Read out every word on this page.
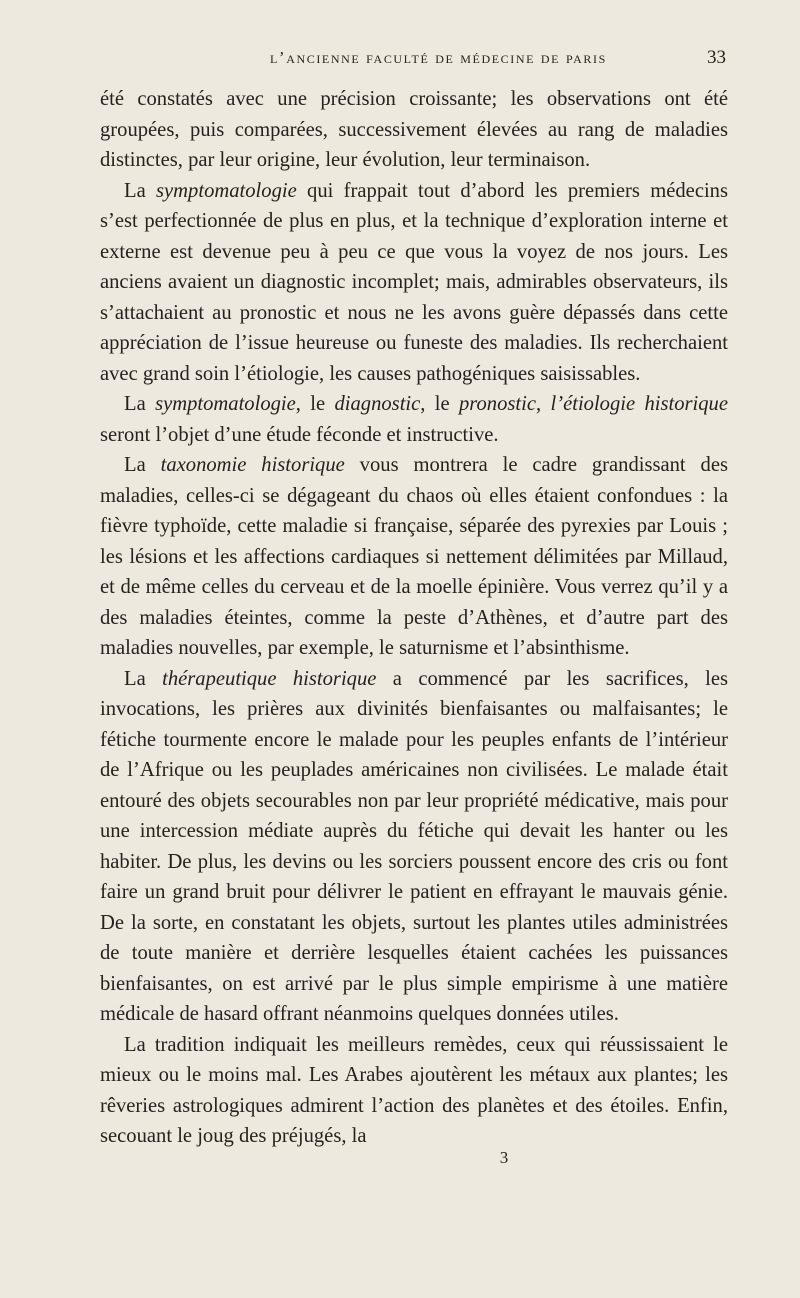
l’ancienne faculté de médecine de paris	33

été constatés avec une précision croissante; les observations ont été groupées, puis comparées, successivement élevées au rang de maladies distinctes, par leur origine, leur évolution, leur terminaison.

La symptomatologie qui frappait tout d’abord les premiers médecins s’est perfectionnée de plus en plus, et la technique d’exploration interne et externe est devenue peu à peu ce que vous la voyez de nos jours. Les anciens avaient un diagnostic incomplet; mais, admirables observateurs, ils s’attachaient au pronostic et nous ne les avons guère dépassés dans cette appréciation de l’issue heureuse ou funeste des maladies. Ils recherchaient avec grand soin l’étiologie, les causes pathogéniques saisissables.

La symptomatologie, le diagnostic, le pronostic, l’étiologie historique seront l’objet d’une étude féconde et instructive.

La taxonomie historique vous montrera le cadre grandissant des maladies, celles-ci se dégageant du chaos où elles étaient confondues : la fièvre typhoïde, cette maladie si française, séparée des pyrexies par Louis ; les lésions et les affections cardiaques si nettement délimitées par Millaud, et de même celles du cerveau et de la moelle épinière. Vous verrez qu’il y a des maladies éteintes, comme la peste d’Athènes, et d’autre part des maladies nouvelles, par exemple, le saturnisme et l’absinthisme.

La thérapeutique historique a commencé par les sacrifices, les invocations, les prières aux divinités bienfaisantes ou malfaisantes; le fétiche tourmente encore le malade pour les peuples enfants de l’intérieur de l’Afrique ou les peuplades américaines non civilisées. Le malade était entouré des objets secourables non par leur propriété médicative, mais pour une intercession médiate auprès du fétiche qui devait les hanter ou les habiter. De plus, les devins ou les sorciers poussent encore des cris ou font faire un grand bruit pour délivrer le patient en effrayant le mauvais génie. De la sorte, en constatant les objets, surtout les plantes utiles administrées de toute manière et derrière lesquelles étaient cachées les puissances bienfaisantes, on est arrivé par le plus simple empirisme à une matière médicale de hasard offrant néanmoins quelques données utiles.

La tradition indiquait les meilleurs remèdes, ceux qui réussissaient le mieux ou le moins mal. Les Arabes ajoutèrent les métaux aux plantes; les rêveries astrologiques admirent l’action des planètes et des étoiles. Enfin, secouant le joug des préjugés, la

3
